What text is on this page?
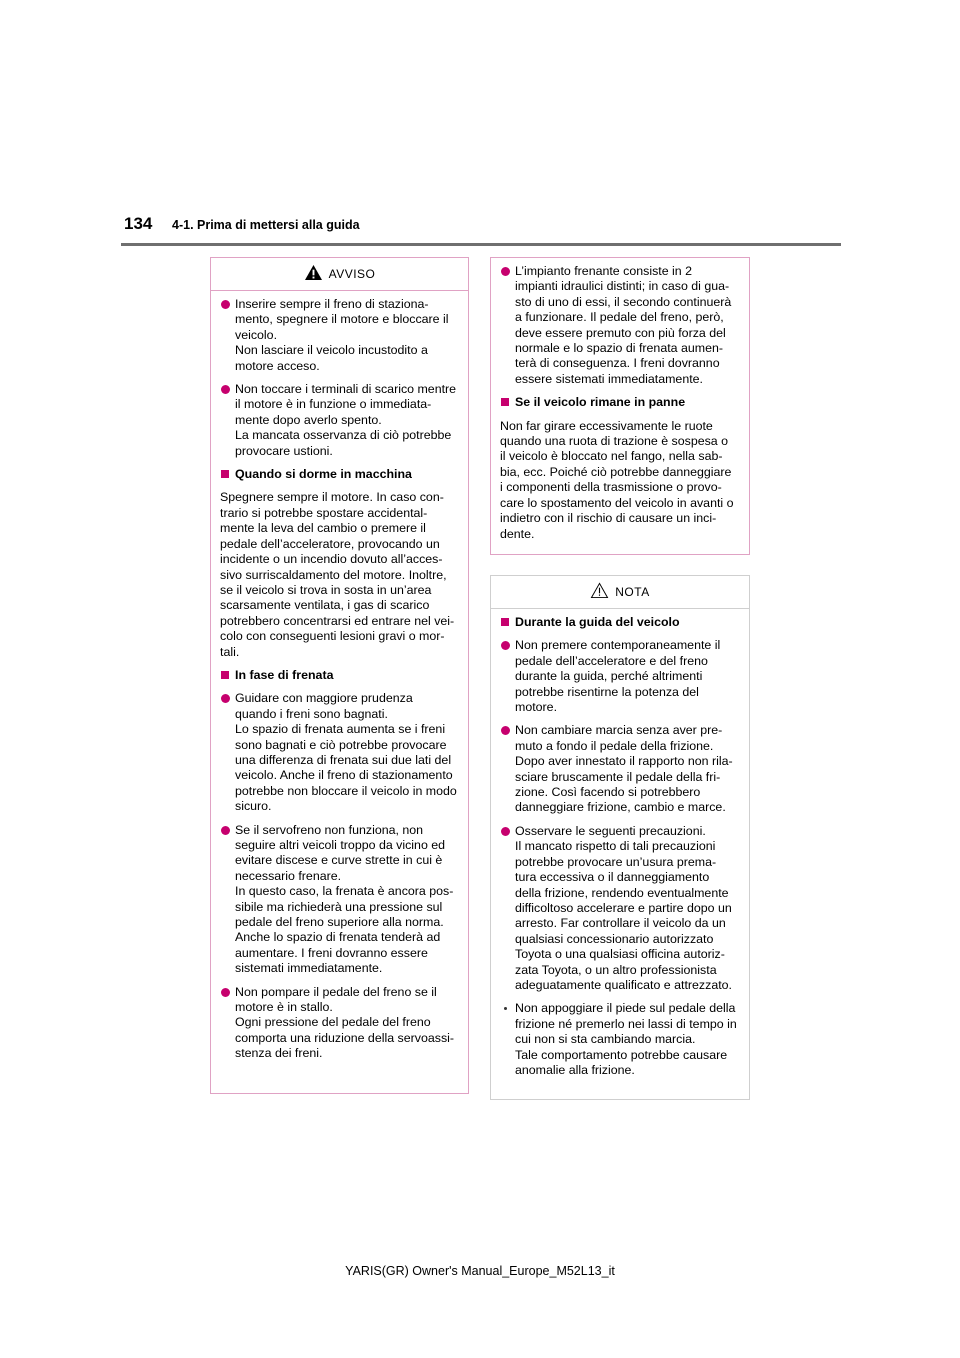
134 4-1. Prima di mettersi alla guida
AVVISO
Inserire sempre il freno di staziona-
mento, spegnere il motore e bloccare il
veicolo.
Non lasciare il veicolo incustodito a
motore acceso.
Non toccare i terminali di scarico mentre
il motore è in funzione o immediata-
mente dopo averlo spento.
La mancata osservanza di ciò potrebbe
provocare ustioni.
Quando si dorme in macchina
Spegnere sempre il motore. In caso con-
trario si potrebbe spostare accidental-
mente la leva del cambio o premere il
pedale dell’acceleratore, provocando un
incidente o un incendio dovuto all’acces-
sivo surriscaldamento del motore. Inoltre,
se il veicolo si trova in sosta in un’area
scarsamente ventilata, i gas di scarico
potrebbero concentrarsi ed entrare nel vei-
colo con conseguenti lesioni gravi o mor-
tali.
In fase di frenata
Guidare con maggiore prudenza
quando i freni sono bagnati.
Lo spazio di frenata aumenta se i freni
sono bagnati e ciò potrebbe provocare
una differenza di frenata sui due lati del
veicolo. Anche il freno di stazionamento
potrebbe non bloccare il veicolo in modo
sicuro.
Se il servofreno non funziona, non
seguire altri veicoli troppo da vicino ed
evitare discese e curve strette in cui è
necessario frenare.
In questo caso, la frenata è ancora pos-
sibile ma richiederà una pressione sul
pedale del freno superiore alla norma.
Anche lo spazio di frenata tenderà ad
aumentare. I freni dovranno essere
sistemati immediatamente.
Non pompare il pedale del freno se il
motore è in stallo.
Ogni pressione del pedale del freno
comporta una riduzione della servoassi-
stenza dei freni.
L’impianto frenante consiste in 2
impianti idraulici distinti; in caso di gua-
sto di uno di essi, il secondo continuerà
a funzionare. Il pedale del freno, però,
deve essere premuto con più forza del
normale e lo spazio di frenata aumen-
terà di conseguenza. I freni dovranno
essere sistemati immediatamente.
Se il veicolo rimane in panne
Non far girare eccessivamente le ruote
quando una ruota di trazione è sospesa o
il veicolo è bloccato nel fango, nella sab-
bia, ecc. Poiché ciò potrebbe danneggiare
i componenti della trasmissione o provo-
care lo spostamento del veicolo in avanti o
indietro con il rischio di causare un inci-
dente.
NOTA
Durante la guida del veicolo
Non premere contemporaneamente il
pedale dell’acceleratore e del freno
durante la guida, perché altrimenti
potrebbe risentirne la potenza del
motore.
Non cambiare marcia senza aver pre-
muto a fondo il pedale della frizione.
Dopo aver innestato il rapporto non rila-
sciare bruscamente il pedale della fri-
zione. Così facendo si potrebbero
danneggiare frizione, cambio e marce.
Osservare le seguenti precauzioni.
Il mancato rispetto di tali precauzioni
potrebbe provocare un’usura prema-
tura eccessiva o il danneggiamento
della frizione, rendendo eventualmente
difficoltoso accelerare e partire dopo un
arresto. Far controllare il veicolo da un
qualsiasi concessionario autorizzato
Toyota o una qualsiasi officina autoriz-
zata Toyota, o un altro professionista
adeguatamente qualificato e attrezzato.
Non appoggiare il piede sul pedale della
frizione né premerlo nei lassi di tempo in
cui non si sta cambiando marcia.
Tale comportamento potrebbe causare
anomalie alla frizione.
YARIS(GR) Owner's Manual_Europe_M52L13_it
